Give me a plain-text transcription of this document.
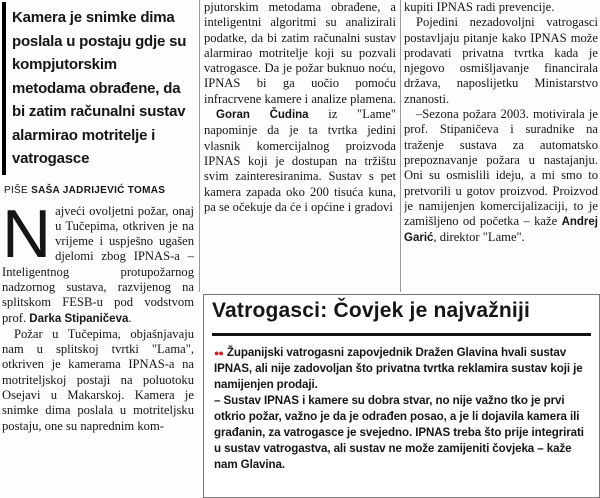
Kamera je snimke dima poslala u postaju gdje su kompjutorskim metodama obrađene, da bi zatim računalni sustav alarmirao motritelje i vatrogasce
PIŠE SAŠA JADRIJEVIĆ TOMAS

Najveći ovoljetni požar, onaj u Tučepima, otkriven je na vrijeme i uspješno ugašen djelomi zbog IPNAS-a – Inteligentnog protupožarnog nadzornog sustava, razvijenog na splitskom FESB-u pod vodstvom prof. Darka Stipaničeva.

Požar u Tučepima, objašnjavaju nam u splitskoj tvrtki "Lama", otkriven je kamerama IPNAS-a na motriteljskoj postaji na poluotoku Osejavi u Makarskoj. Kamera je snimke dima poslala u motriteljsku postaju, one su naprednim kom-

pjutorskim metodama obrađene, a inteligentni algoritmi su analizirali podatke, da bi zatim računalni sustav alarmirao motritelje koji su pozvali vatrogasce. Da je požar buknuo noću, IPNAS bi ga uočio pomoću infracrvene kamere i analize plamena.

Goran Čudina iz "Lame" napominje da je ta tvrtka jedini vlasnik komercijalnog proizvoda IPNAS koji je dostupan na tržištu svim zainteresiranima. Sustav s pet kamera zapada oko 200 tisuća kuna, pa se očekuje da će i općine i gradovi

kupiti IPNAS radi prevencije.

Pojedini nezadovoljni vatrogasci postavljaju pitanje kako IPNAS može prodavati privatna tvrtka kada je njegovo osmišljavanje financirala država, naposlijetku Ministarstvo znanosti.

–Sezona požara 2003. motivirala je prof. Stipaničeva i suradnike na traženje sustava za automatsko prepoznavanje požara u nastajanju. Oni su osmislili ideju, a mi smo to pretvorili u gotov proizvod. Proizvod je namijenjen komercijalizaciji, to je zamišljeno od početka – kaže Andrej Garić, direktor "Lame".

Vatrogasci: Čovjek je najvažniji

●● Županijski vatrogasni zapovjednik Dražen Glavina hvali sustav IPNAS, ali nije zadovoljan što privatna tvrtka reklamira sustav koji je namijenjen prodaji.

– Sustav IPNAS i kamere su dobra stvar, no nije važno tko je prvi otkrio požar, važno je da je odrađen posao, a je li dojavila kamera ili građanin, za vatrogasce je svejedno. IPNAS treba što prije integrirati u sustav vatrogastva, ali sustav ne može zamijeniti čovjeka – kaže nam Glavina.
